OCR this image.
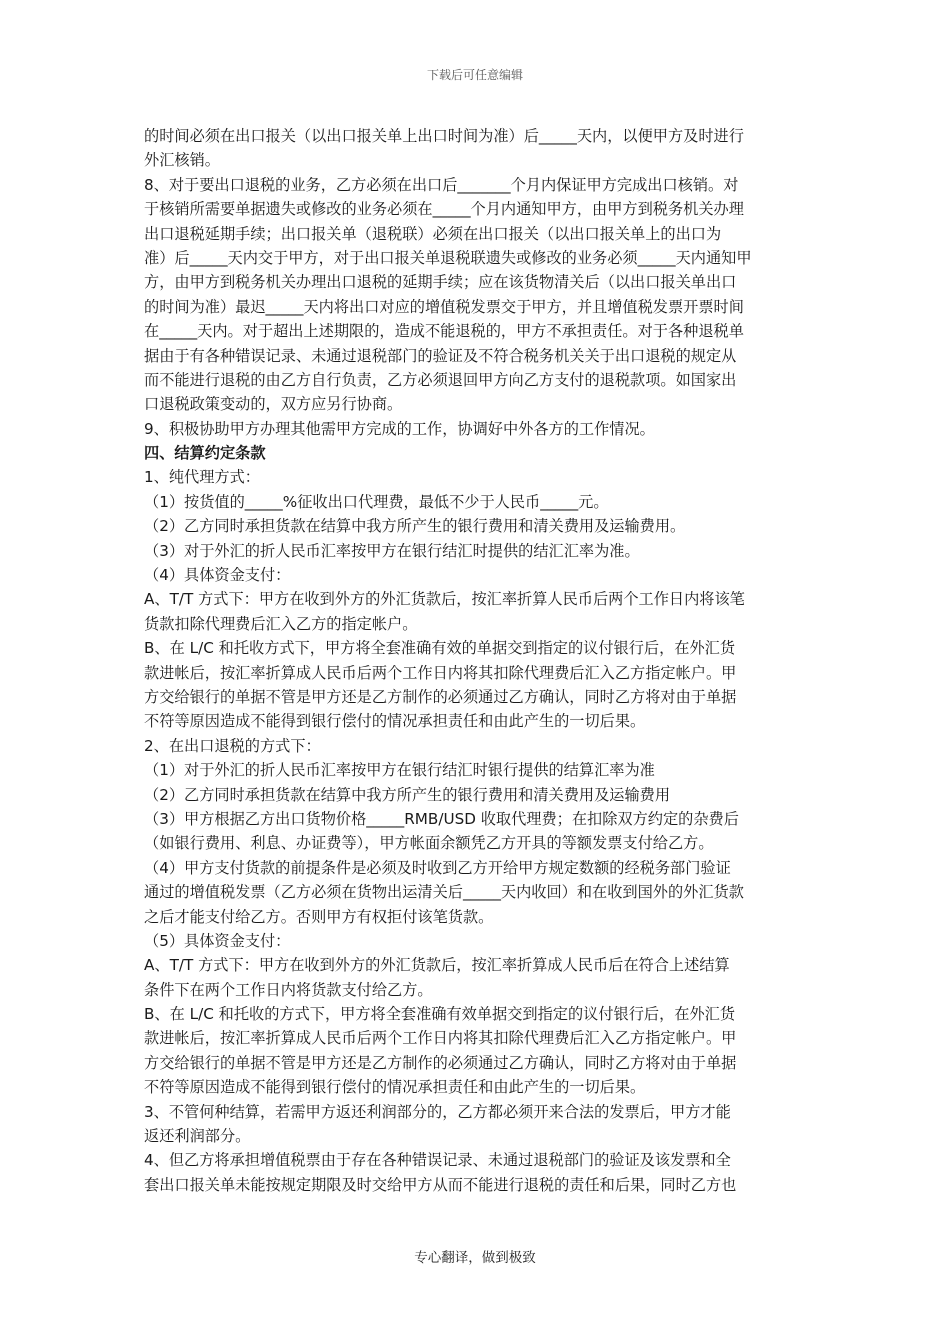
下载后可任意编辑
的时间必须在出口报关（以出口报关单上出口时间为准）后_____天内，以便甲方及时进行
外汇核销。
8、对于要出口退税的业务，乙方必须在出口后_______个月内保证甲方完成出口核销。对
于核销所需要单据遗失或修改的业务必须在_____个月内通知甲方，由甲方到税务机关办理
出口退税延期手续；出口报关单（退税联）必须在出口报关（以出口报关单上的出口为
准）后_____天内交于甲方，对于出口报关单退税联遗失或修改的业务必须_____天内通知甲
方，由甲方到税务机关办理出口退税的延期手续；应在该货物清关后（以出口报关单出口
的时间为准）最迟_____天内将出口对应的增值税发票交于甲方，并且增值税发票开票时间
在_____天内。对于超出上述期限的，造成不能退税的，甲方不承担责任。对于各种退税单
据由于有各种错误记录、未通过退税部门的验证及不符合税务机关关于出口退税的规定从
而不能进行退税的由乙方自行负责，乙方必须退回甲方向乙方支付的退税款项。如国家出
口退税政策变动的，双方应另行协商。
9、积极协助甲方办理其他需甲方完成的工作，协调好中外各方的工作情况。
四、结算约定条款
1、纯代理方式：
（1）按货值的_____%征收出口代理费，最低不少于人民币_____元。
（2）乙方同时承担货款在结算中我方所产生的银行费用和清关费用及运输费用。
（3）对于外汇的折人民币汇率按甲方在银行结汇时提供的结汇汇率为准。
（4）具体资金支付：
A、T/T 方式下：甲方在收到外方的外汇货款后，按汇率折算人民币后两个工作日内将该笔
货款扣除代理费后汇入乙方的指定帐户。
B、在 L/C 和托收方式下，甲方将全套准确有效的单据交到指定的议付银行后，在外汇货
款进帐后，按汇率折算成人民币后两个工作日内将其扣除代理费后汇入乙方指定帐户。甲
方交给银行的单据不管是甲方还是乙方制作的必须通过乙方确认，同时乙方将对由于单据
不符等原因造成不能得到银行偿付的情况承担责任和由此产生的一切后果。
2、在出口退税的方式下：
（1）对于外汇的折人民币汇率按甲方在银行结汇时银行提供的结算汇率为准
（2）乙方同时承担货款在结算中我方所产生的银行费用和清关费用及运输费用
（3）甲方根据乙方出口货物价格_____RMB/USD 收取代理费；在扣除双方约定的杂费后
（如银行费用、利息、办证费等），甲方帐面余额凭乙方开具的等额发票支付给乙方。
（4）甲方支付货款的前提条件是必须及时收到乙方开给甲方规定数额的经税务部门验证
通过的增值税发票（乙方必须在货物出运清关后_____天内收回）和在收到国外的外汇货款
之后才能支付给乙方。否则甲方有权拒付该笔货款。
（5）具体资金支付：
A、T/T 方式下：甲方在收到外方的外汇货款后，按汇率折算成人民币后在符合上述结算
条件下在两个工作日内将货款支付给乙方。
B、在 L/C 和托收的方式下，甲方将全套准确有效单据交到指定的议付银行后，在外汇货
款进帐后，按汇率折算成人民币后两个工作日内将其扣除代理费后汇入乙方指定帐户。甲
方交给银行的单据不管是甲方还是乙方制作的必须通过乙方确认，同时乙方将对由于单据
不符等原因造成不能得到银行偿付的情况承担责任和由此产生的一切后果。
3、不管何种结算，若需甲方返还利润部分的，乙方都必须开来合法的发票后，甲方才能
返还利润部分。
4、但乙方将承担增值税票由于存在各种错误记录、未通过退税部门的验证及该发票和全
套出口报关单未能按规定期限及时交给甲方从而不能进行退税的责任和后果，同时乙方也
专心翻译，做到极致
